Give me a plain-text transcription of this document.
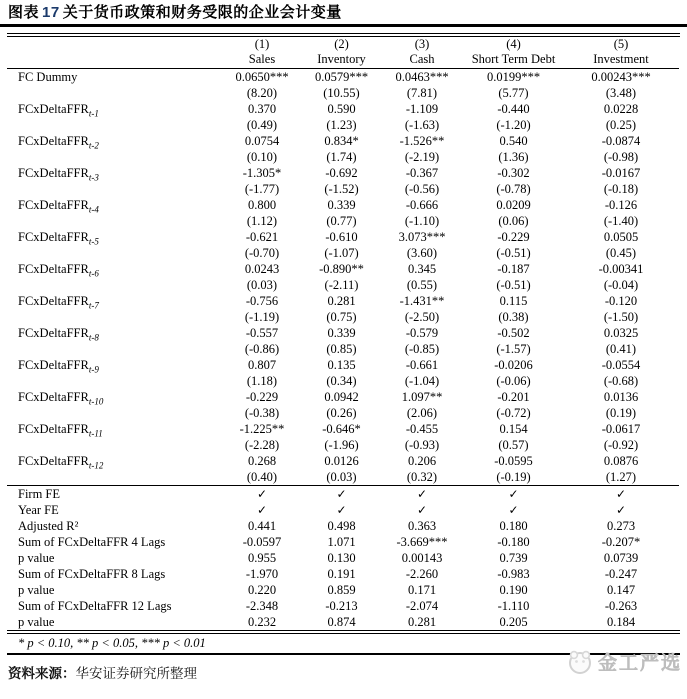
图表 17 关于货币政策和财务受限的企业会计变量
	(1)	(2)	(3)	(4)	(5)
	Sales	Inventory	Cash	Short Term Debt	Investment
FC Dummy	0.0650***	0.0579***	0.0463***	0.0199***	0.00243***
	(8.20)	(10.55)	(7.81)	(5.77)	(3.48)
FCxDeltaFFR$_{t-1}$	0.370	0.590	-1.109	-0.440	0.0228
	(0.49)	(1.23)	(-1.63)	(-1.20)	(0.25)
FCxDeltaFFR$_{t-2}$	0.0754	0.834*	-1.526**	0.540	-0.0874
	(0.10)	(1.74)	(-2.19)	(1.36)	(-0.98)
FCxDeltaFFR$_{t-3}$	-1.305*	-0.692	-0.367	-0.302	-0.0167
	(-1.77)	(-1.52)	(-0.56)	(-0.78)	(-0.18)
FCxDeltaFFR$_{t-4}$	0.800	0.339	-0.666	0.0209	-0.126
	(1.12)	(0.77)	(-1.10)	(0.06)	(-1.40)
FCxDeltaFFR$_{t-5}$	-0.621	-0.610	3.073***	-0.229	0.0505
	(-0.70)	(-1.07)	(3.60)	(-0.51)	(0.45)
FCxDeltaFFR$_{t-6}$	0.0243	-0.890**	0.345	-0.187	-0.00341
	(0.03)	(-2.11)	(0.55)	(-0.51)	(-0.04)
FCxDeltaFFR$_{t-7}$	-0.756	0.281	-1.431**	0.115	-0.120
	(-1.19)	(0.75)	(-2.50)	(0.38)	(-1.50)
FCxDeltaFFR$_{t-8}$	-0.557	0.339	-0.579	-0.502	0.0325
	(-0.86)	(0.85)	(-0.85)	(-1.57)	(0.41)
FCxDeltaFFR$_{t-9}$	0.807	0.135	-0.661	-0.0206	-0.0554
	(1.18)	(0.34)	(-1.04)	(-0.06)	(-0.68)
FCxDeltaFFR$_{t-10}$	-0.229	0.0942	1.097**	-0.201	0.0136
	(-0.38)	(0.26)	(2.06)	(-0.72)	(0.19)
FCxDeltaFFR$_{t-11}$	-1.225**	-0.646*	-0.455	0.154	-0.0617
	(-2.28)	(-1.96)	(-0.93)	(0.57)	(-0.92)
FCxDeltaFFR$_{t-12}$	0.268	0.0126	0.206	-0.0595	0.0876
	(0.40)	(0.03)	(0.32)	(-0.19)	(1.27)
Firm FE	✓	✓	✓	✓	✓
Year FE	✓	✓	✓	✓	✓
Adjusted R²	0.441	0.498	0.363	0.180	0.273
Sum of FCxDeltaFFR 4 Lags	-0.0597	1.071	-3.669***	-0.180	-0.207*
p value	0.955	0.130	0.00143	0.739	0.0739
Sum of FCxDeltaFFR 8 Lags	-1.970	0.191	-2.260	-0.983	-0.247
p value	0.220	0.859	0.171	0.190	0.147
Sum of FCxDeltaFFR 12 Lags	-2.348	-0.213	-2.074	-1.110	-0.263
p value	0.232	0.874	0.281	0.205	0.184
* p < 0.10, ** p < 0.05, *** p < 0.01
资料来源：华安证券研究所整理	金工严选
